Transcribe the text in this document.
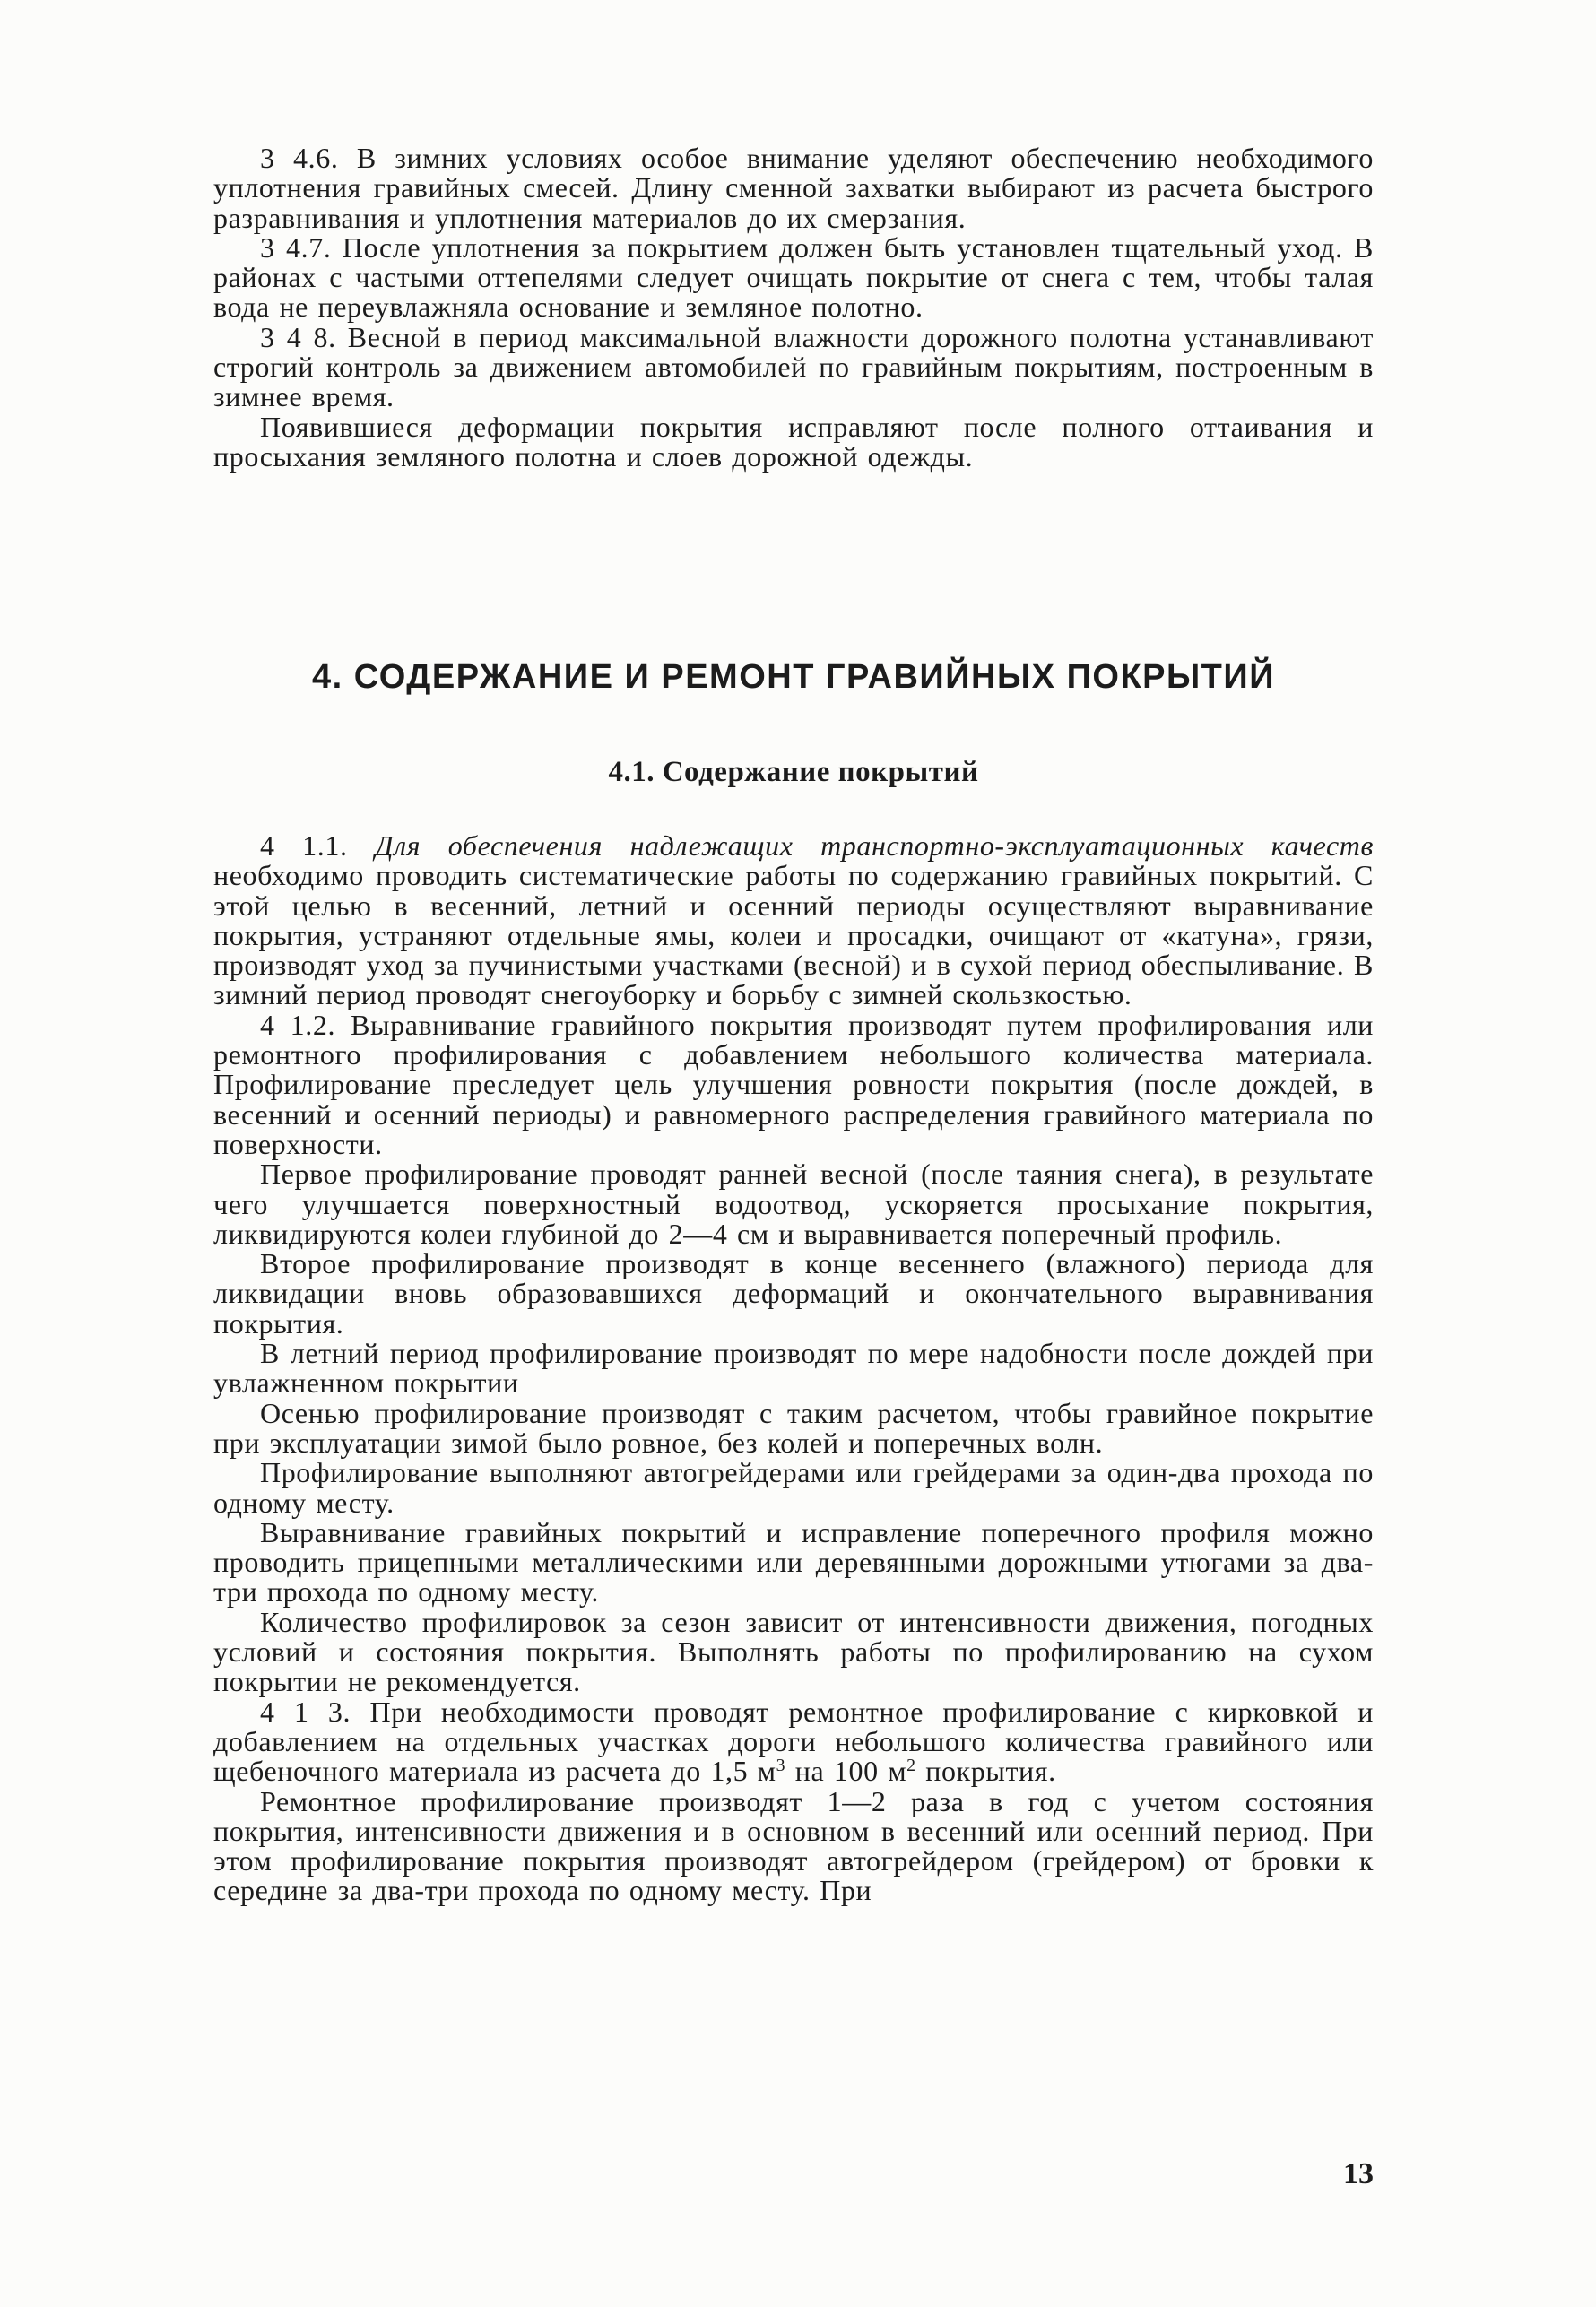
3 4.6. В зимних условиях особое внимание уделяют обеспечению необходимого уплотнения гравийных смесей. Длину сменной захватки выбирают из расчета быстрого разравнивания и уплотнения материалов до их смерзания.

3 4.7. После уплотнения за покрытием должен быть установлен тщательный уход. В районах с частыми оттепелями следует очищать покрытие от снега с тем, чтобы талая вода не переувлажняла основание и земляное полотно.

3 4 8. Весной в период максимальной влажности дорожного полотна устанавливают строгий контроль за движением автомобилей по гравийным покрытиям, построенным в зимнее время.

Появившиеся деформации покрытия исправляют после полного оттаивания и просыхания земляного полотна и слоев дорожной одежды.

4. СОДЕРЖАНИЕ И РЕМОНТ ГРАВИЙНЫХ ПОКРЫТИЙ
4.1. Содержание покрытий

4 1.1. Для обеспечения надлежащих транспортно-эксплуатационных качеств необходимо проводить систематические работы по содержанию гравийных покрытий. С этой целью в весенний, летний и осенний периоды осуществляют выравнивание покрытия, устраняют отдельные ямы, колеи и просадки, очищают от «катуна», грязи, производят уход за пучинистыми участками (весной) и в сухой период обеспыливание. В зимний период проводят снегоуборку и борьбу с зимней скользкостью.

4 1.2. Выравнивание гравийного покрытия производят путем профилирования или ремонтного профилирования с добавлением небольшого количества материала. Профилирование преследует цель улучшения ровности покрытия (после дождей, в весенний и осенний периоды) и равномерного распределения гравийного материала по поверхности.

Первое профилирование проводят ранней весной (после таяния снега), в результате чего улучшается поверхностный водоотвод, ускоряется просыхание покрытия, ликвидируются колеи глубиной до 2—4 см и выравнивается поперечный профиль.

Второе профилирование производят в конце весеннего (влажного) периода для ликвидации вновь образовавшихся деформаций и окончательного выравнивания покрытия.

В летний период профилирование производят по мере надобности после дождей при увлажненном покрытии

Осенью профилирование производят с таким расчетом, чтобы гравийное покрытие при эксплуатации зимой было ровное, без колей и поперечных волн.

Профилирование выполняют автогрейдерами или грейдерами за один-два прохода по одному месту.

Выравнивание гравийных покрытий и исправление поперечного профиля можно проводить прицепными металлическими или деревянными дорожными утюгами за два-три прохода по одному месту.

Количество профилировок за сезон зависит от интенсивности движения, погодных условий и состояния покрытия. Выполнять работы по профилированию на сухом покрытии не рекомендуется.

4 1 3. При необходимости проводят ремонтное профилирование с кирковкой и добавлением на отдельных участках дороги небольшого количества гравийного или щебеночного материала из расчета до 1,5 $м^3$ на 100 $м^2$ покрытия.

Ремонтное профилирование производят 1—2 раза в год с учетом состояния покрытия, интенсивности движения и в основном в весенний или осенний период. При этом профилирование покрытия производят автогрейдером (грейдером) от бровки к середине за два-три прохода по одному месту. При

13
